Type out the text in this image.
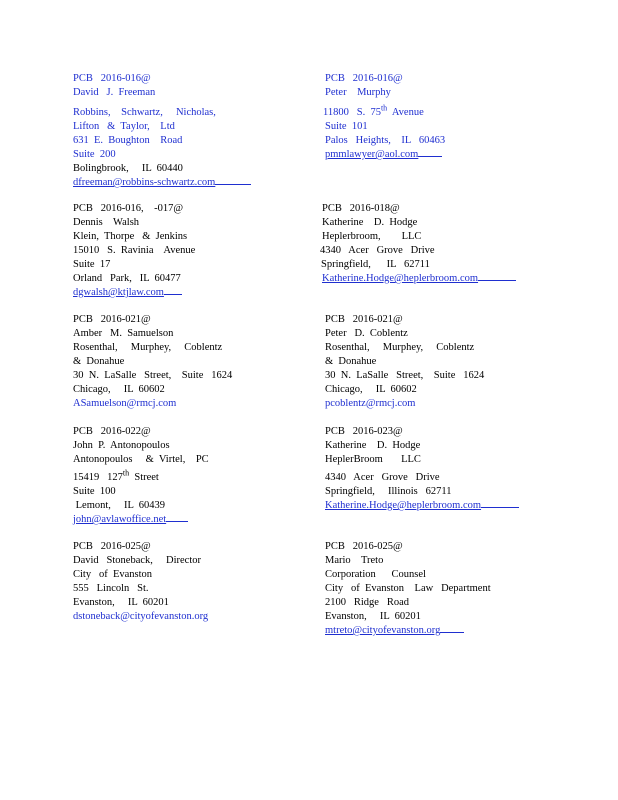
PCB   2016-016@
David   J.  Freeman
Robbins,    Schwartz,     Nicholas,
Lifton   &  Taylor,    Ltd
631  E.  Boughton    Road
Suite  200
Bolingbrook,     IL  60440
dfreeman@robbins-schwartz.com
PCB   2016-016@
Peter    Murphy
11800   S.  75th  Avenue
Suite  101
Palos   Heights,    IL   60463
pmmlawyer@aol.com
PCB   2016-016,    -017@
Dennis    Walsh
Klein,  Thorpe   &  Jenkins
15010   S.  Ravinia    Avenue
Suite  17
Orland   Park,   IL  60477
dgwalsh@ktjlaw.com
PCB   2016-018@
Katherine    D.  Hodge
Heplerbroom,        LLC
4340   Acer   Grove   Drive
Springfield,      IL   62711
Katherine.Hodge@heplerbroom.com
PCB   2016-021@
Amber   M.  Samuelson
Rosenthal,     Murphey,     Coblentz
&  Donahue
30  N.  LaSalle   Street,    Suite   1624
Chicago,     IL  60602
ASamuelson@rmcj.com
PCB   2016-021@
Peter   D.  Coblentz
Rosenthal,     Murphey,     Coblentz
&  Donahue
30  N.  LaSalle   Street,    Suite   1624
Chicago,     IL  60602
pcoblentz@rmcj.com
PCB   2016-022@
John  P.  Antonopoulos
Antonopoulos     &  Virtel,    PC
15419   127th  Street
Suite  100
Lemont,     IL  60439
john@avlawoffice.net
PCB   2016-023@
Katherine    D.  Hodge
HeplerBroom       LLC
4340   Acer   Grove   Drive
Springfield,     Illinois   62711
Katherine.Hodge@heplerbroom.com
PCB   2016-025@
David   Stoneback,     Director
City   of  Evanston
555   Lincoln   St.
Evanston,     IL  60201
dstoneback@cityofevanston.org
PCB   2016-025@
Mario    Treto
Corporation      Counsel
City   of  Evanston    Law   Department
2100   Ridge   Road
Evanston,     IL  60201
mtreto@cityofevanston.org
